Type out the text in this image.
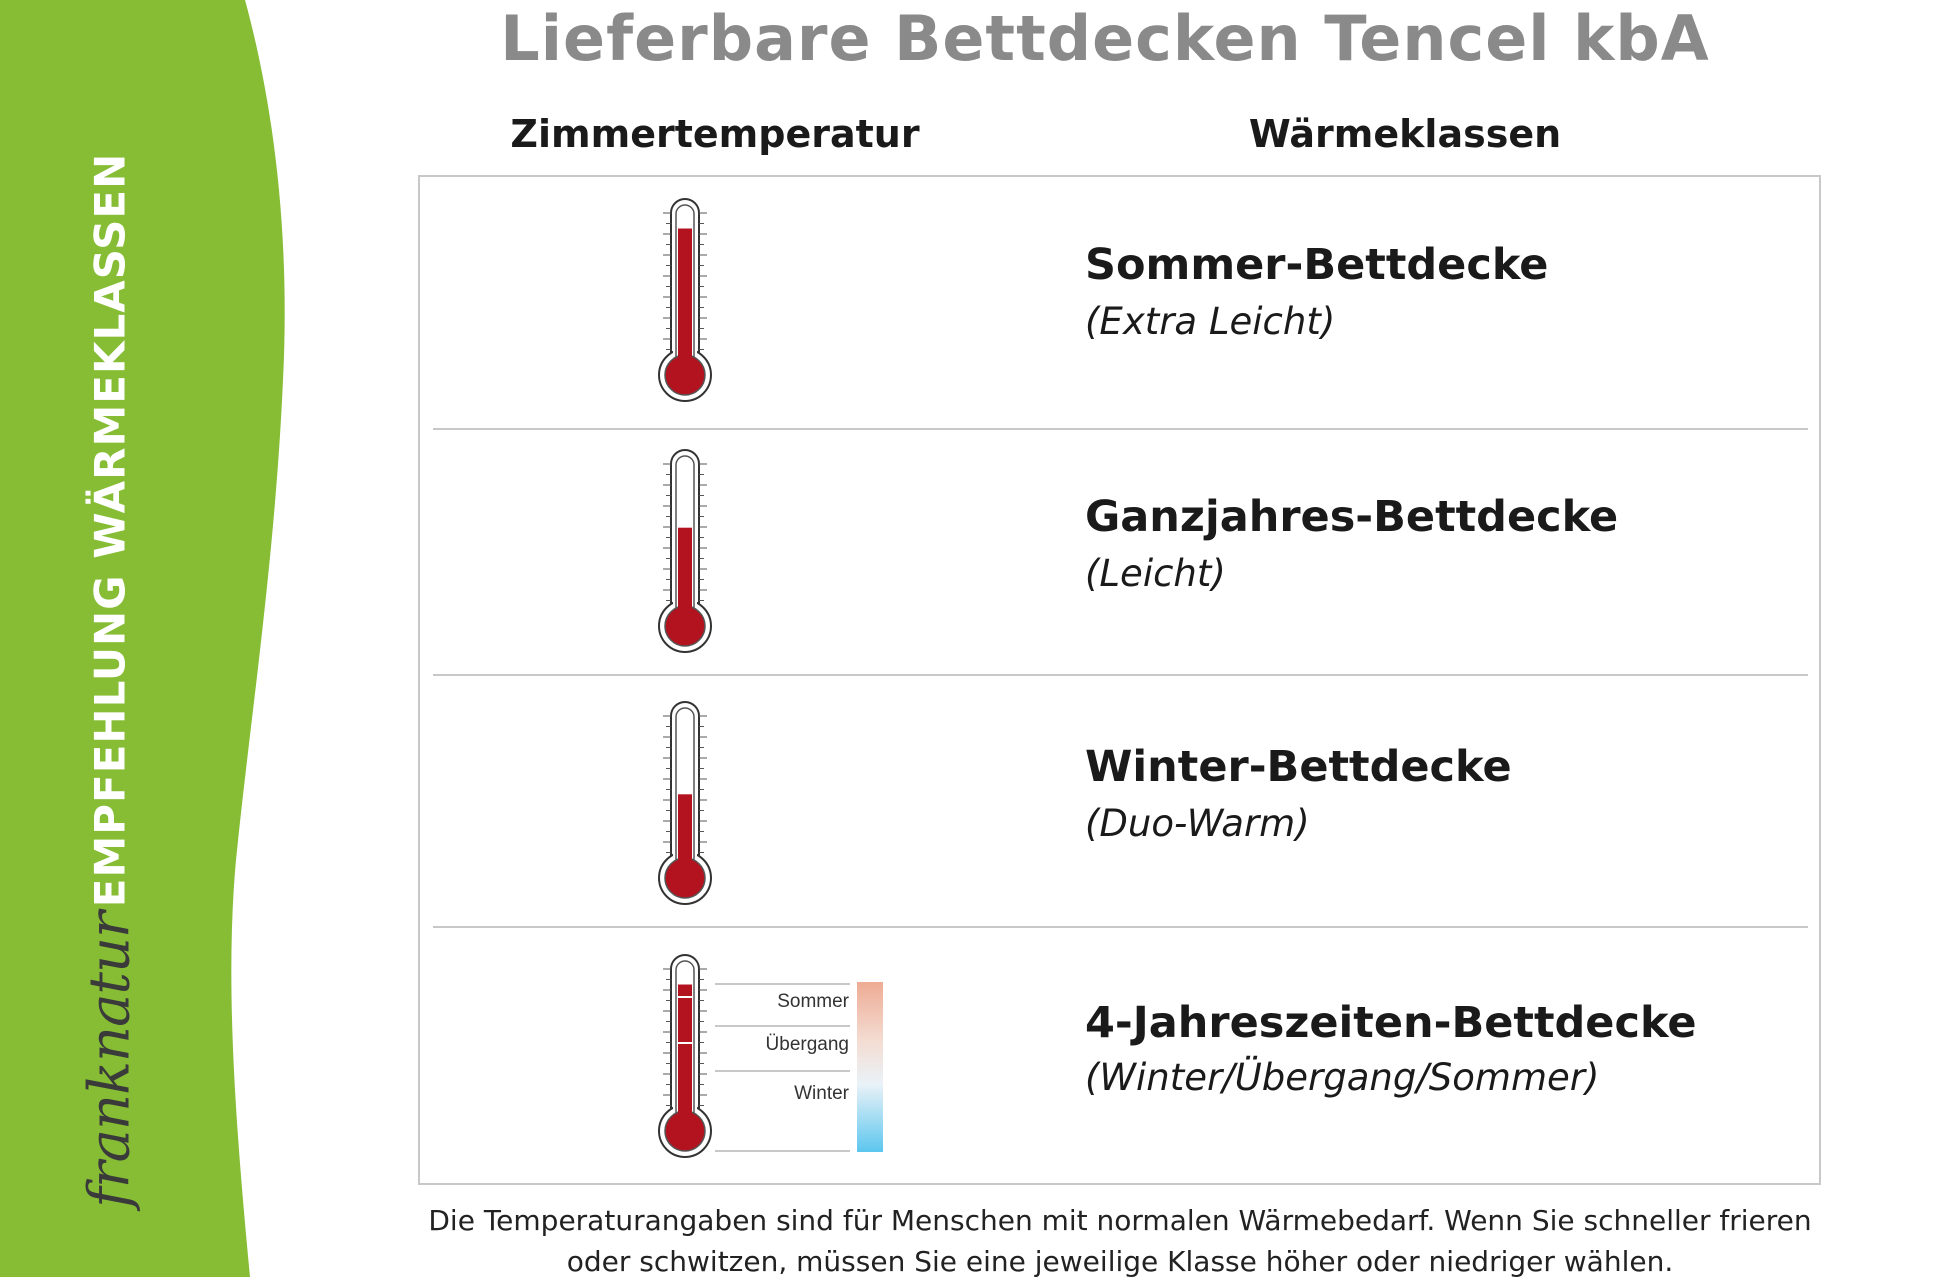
EMPFEHLUNG WÄRMEKLASSEN
franknatur
Lieferbare Bettdecken Tencel kbA
Zimmertemperatur	Wärmeklassen
Sommer-Bettdecke
(Extra Leicht)
Ganzjahres-Bettdecke
(Leicht)
Winter-Bettdecke
(Duo-Warm)
Sommer
Übergang
Winter
4-Jahreszeiten-Bettdecke
(Winter/Übergang/Sommer)
Die Temperaturangaben sind für Menschen mit normalen Wärmebedarf. Wenn Sie schneller frieren
oder schwitzen, müssen Sie eine jeweilige Klasse höher oder niedriger wählen.
